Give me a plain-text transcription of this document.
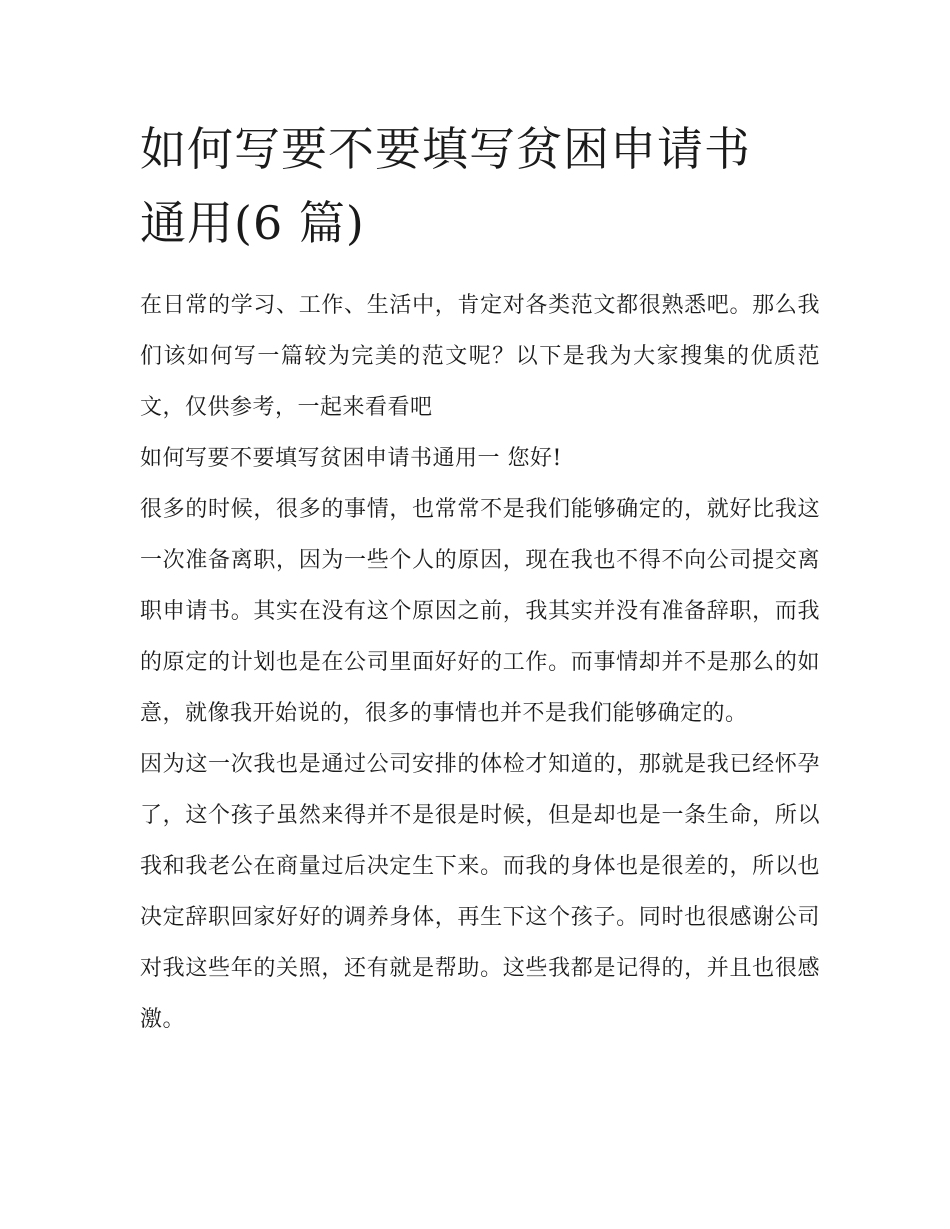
如何写要不要填写贫困申请书
通用(6 篇)

在日常的学习、工作、生活中，肯定对各类范文都很熟悉吧。那么我们该如何写一篇较为完美的范文呢？以下是我为大家搜集的优质范文，仅供参考，一起来看看吧

如何写要不要填写贫困申请书通用一 您好!

很多的时候，很多的事情，也常常不是我们能够确定的，就好比我这一次准备离职，因为一些个人的原因，现在我也不得不向公司提交离职申请书。其实在没有这个原因之前，我其实并没有准备辞职，而我的原定的计划也是在公司里面好好的工作。而事情却并不是那么的如意，就像我开始说的，很多的事情也并不是我们能够确定的。

因为这一次我也是通过公司安排的体检才知道的，那就是我已经怀孕了，这个孩子虽然来得并不是很是时候，但是却也是一条生命，所以我和我老公在商量过后决定生下来。而我的身体也是很差的，所以也决定辞职回家好好的调养身体，再生下这个孩子。同时也很感谢公司对我这些年的关照，还有就是帮助。这些我都是记得的，并且也很感激。
